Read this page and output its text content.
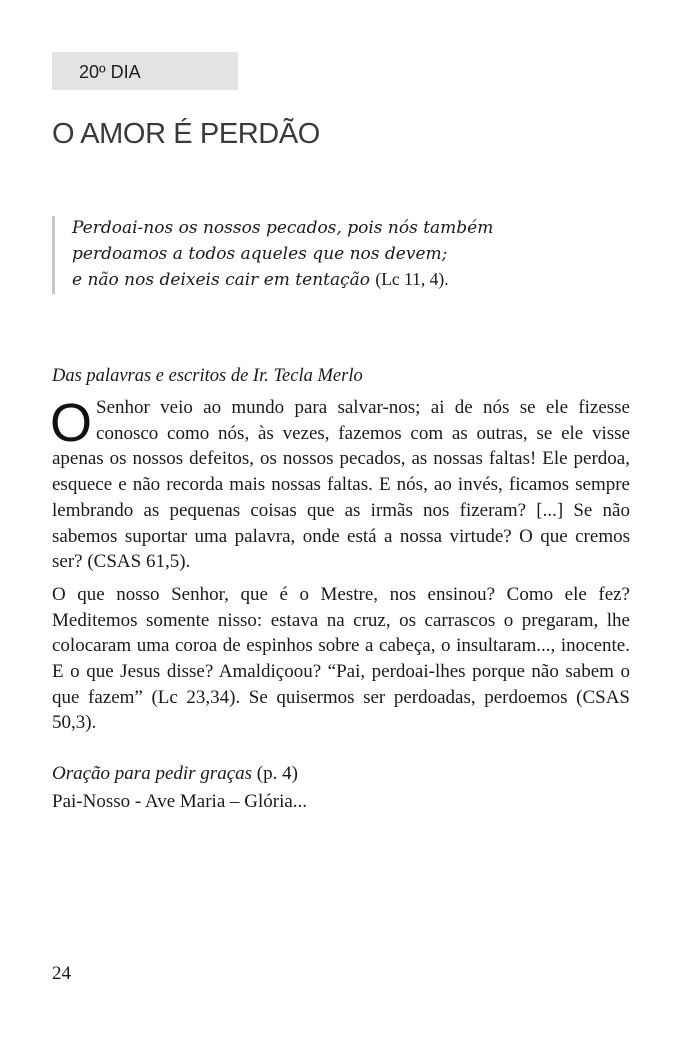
20º DIA
O AMOR É PERDÃO
Perdoai-nos os nossos pecados, pois nós também
perdoamos a todos aqueles que nos devem;
e não nos deixeis cair em tentação (Lc 11, 4).
Das palavras e escritos de Ir. Tecla Merlo

O Senhor veio ao mundo para salvar-nos; ai de nós se ele fizesse conosco como nós, às vezes, fazemos com as outras, se ele visse apenas os nossos defeitos, os nossos pecados, as nossas faltas! Ele perdoa, esquece e não recorda mais nossas faltas. E nós, ao invés, ficamos sempre lembrando as pequenas coisas que as irmãs nos fizeram? [...] Se não sabemos suportar uma palavra, onde está a nossa virtude? O que cremos ser? (CSAS 61,5).

O que nosso Senhor, que é o Mestre, nos ensinou? Como ele fez? Meditemos somente nisso: estava na cruz, os carrascos o pregaram, lhe colocaram uma coroa de espinhos sobre a cabeça, o insultaram..., inocente. E o que Jesus disse? Amaldiçoou? “Pai, perdoai-lhes porque não sabem o que fazem” (Lc 23,34). Se quisermos ser perdoadas, perdoemos (CSAS 50,3).

Oração para pedir graças (p. 4)
Pai-Nosso - Ave Maria – Glória...
24
